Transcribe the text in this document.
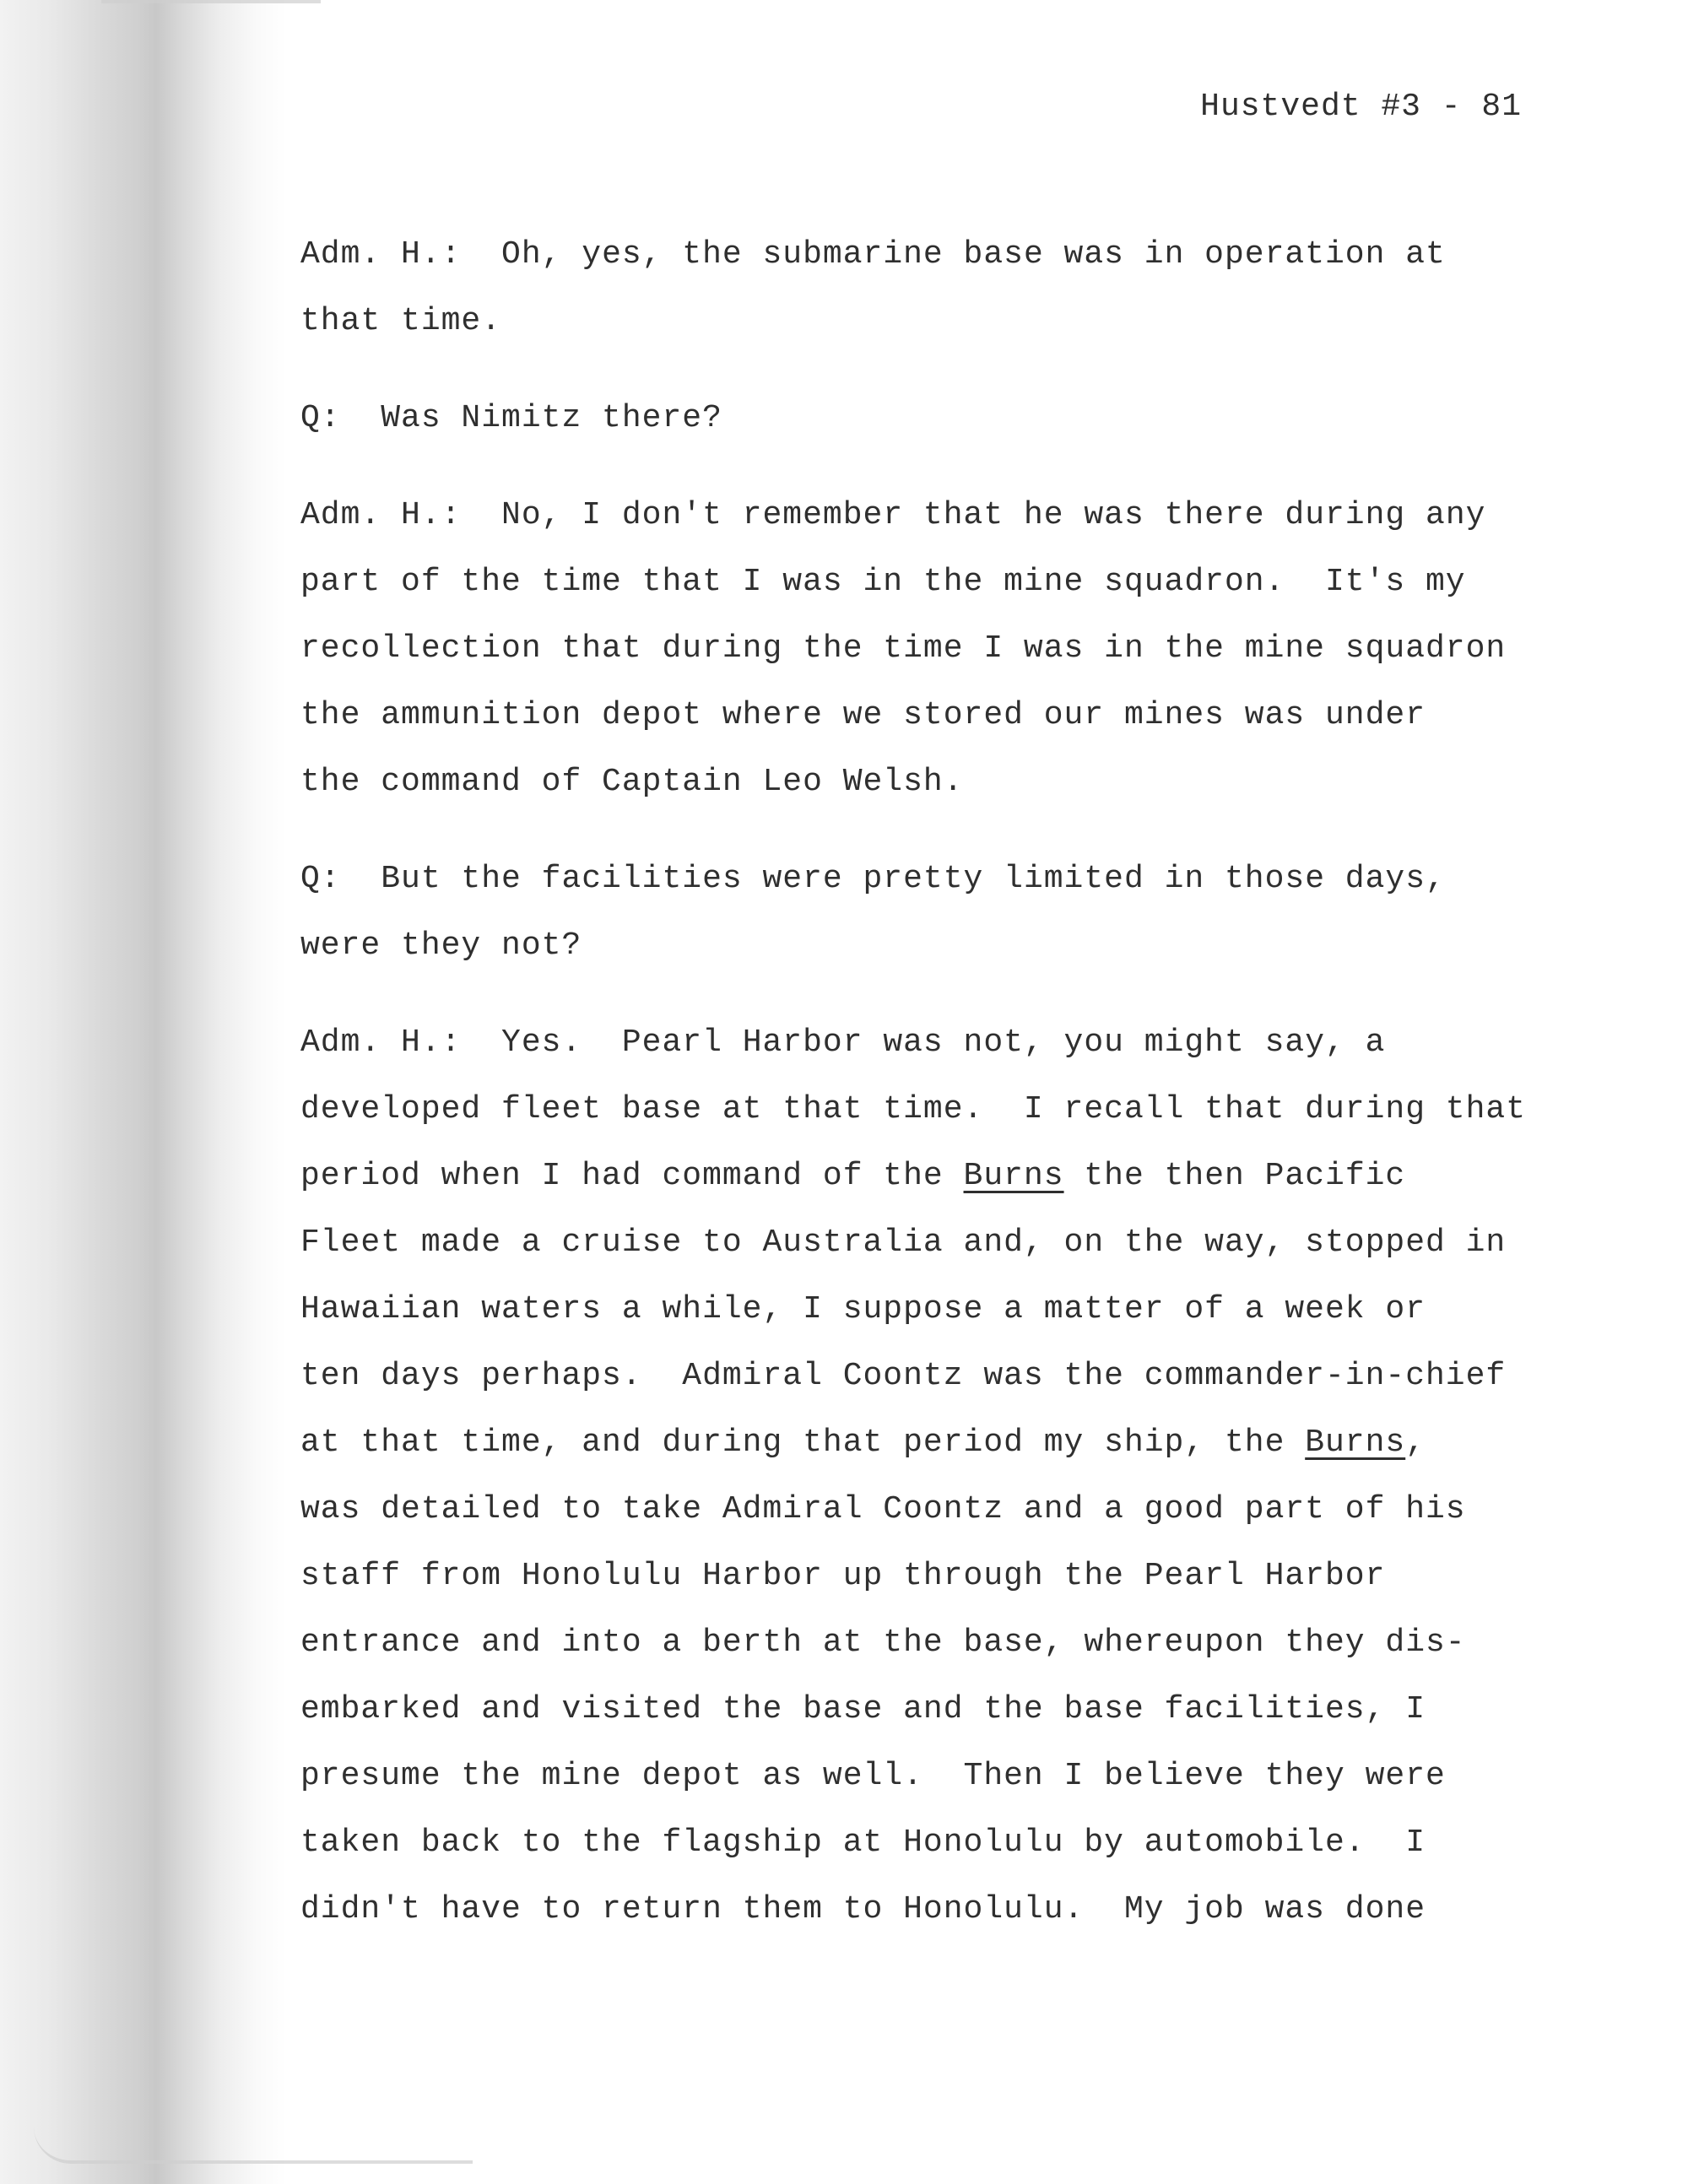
Hustvedt #3 - 81
Adm. H.: Oh, yes, the submarine base was in operation at
that time.
Q: Was Nimitz there?
Adm. H.: No, I don't remember that he was there during any
part of the time that I was in the mine squadron.  It's my
recollection that during the time I was in the mine squadron
the ammunition depot where we stored our mines was under
the command of Captain Leo Welsh.
Q: But the facilities were pretty limited in those days,
were they not?
Adm. H.: Yes.  Pearl Harbor was not, you might say, a
developed fleet base at that time.  I recall that during that
period when I had command of the Burns the then Pacific
Fleet made a cruise to Australia and, on the way, stopped in
Hawaiian waters a while, I suppose a matter of a week or
ten days perhaps.  Admiral Coontz was the commander-in-chief
at that time, and during that period my ship, the Burns,
was detailed to take Admiral Coontz and a good part of his
staff from Honolulu Harbor up through the Pearl Harbor
entrance and into a berth at the base, whereupon they dis-
embarked and visited the base and the base facilities, I
presume the mine depot as well.  Then I believe they were
taken back to the flagship at Honolulu by automobile.  I
didn't have to return them to Honolulu.  My job was done
